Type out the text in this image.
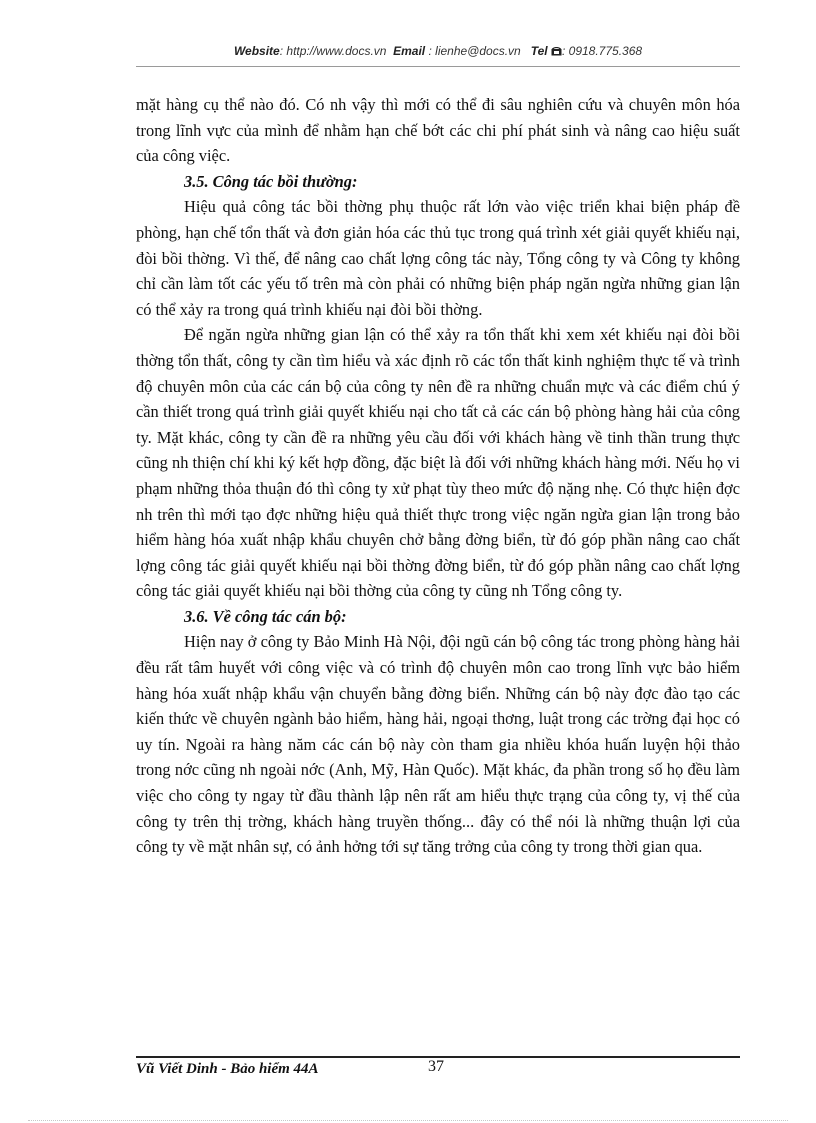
Website: http://www.docs.vn Email : lienhe@docs.vn Tel : 0918.775.368

mặt hàng cụ thể nào đó. Có nh vậy thì mới có thể đi sâu nghiên cứu và chuyên môn hóa trong lĩnh vực của mình để nhằm hạn chế bớt các chi phí phát sinh và nâng cao hiệu suất của công việc.

3.5. Công tác bồi thường:

Hiệu quả công tác bồi thờng phụ thuộc rất lớn vào việc triển khai biện pháp đề phòng, hạn chế tổn thất và đơn giản hóa các thủ tục trong quá trình xét giải quyết khiếu nại, đòi bồi thờng. Vì thế, để nâng cao chất lợng công tác này, Tổng công ty và Công ty không chỉ cần làm tốt các yếu tố trên mà còn phải có những biện pháp ngăn ngừa những gian lận có thể xảy ra trong quá trình khiếu nại đòi bồi thờng.

Để ngăn ngừa những gian lận có thể xảy ra tổn thất khi xem xét khiếu nại đòi bồi thờng tổn thất, công ty cần tìm hiểu và xác định rõ các tổn thất kinh nghiệm thực tế và trình độ chuyên môn của các cán bộ của công ty nên đề ra những chuẩn mực và các điểm chú ý cần thiết trong quá trình giải quyết khiếu nại cho tất cả các cán bộ phòng hàng hải của công ty. Mặt khác, công ty cần đề ra những yêu cầu đối với khách hàng về tinh thần trung thực cũng nh thiện chí khi ký kết hợp đồng, đặc biệt là đối với những khách hàng mới. Nếu họ vi phạm những thỏa thuận đó thì công ty xử phạt tùy theo mức độ nặng nhẹ. Có thực hiện đợc nh trên thì mới tạo đợc những hiệu quả thiết thực trong việc ngăn ngừa gian lận trong bảo hiểm hàng hóa xuất nhập khẩu chuyên chở bằng đờng biển, từ đó góp phần nâng cao chất lợng công tác giải quyết khiếu nại bồi thờng đờng biển, từ đó góp phần nâng cao chất lợng công tác giải quyết khiếu nại bồi thờng của công ty cũng nh Tổng công ty.

3.6. Về công tác cán bộ:

Hiện nay ở công ty Bảo Minh Hà Nội, đội ngũ cán bộ công tác trong phòng hàng hải đều rất tâm huyết với công việc và có trình độ chuyên môn cao trong lĩnh vực bảo hiểm hàng hóa xuất nhập khẩu vận chuyển bằng đờng biển. Những cán bộ này đợc đào tạo các kiến thức về chuyên ngành bảo hiểm, hàng hải, ngoại thơng, luật trong các trờng đại học có uy tín. Ngoài ra hàng năm các cán bộ này còn tham gia nhiều khóa huấn luyện hội thảo trong nớc cũng nh ngoài nớc (Anh, Mỹ, Hàn Quốc). Mặt khác, đa phần trong số họ đều làm việc cho công ty ngay từ đầu thành lập nên rất am hiểu thực trạng của công ty, vị thế của công ty trên thị trờng, khách hàng truyền thống... đây có thể nói là những thuận lợi của công ty về mặt nhân sự, có ảnh hởng tới sự tăng trởng của công ty trong thời gian qua.

Vũ Viết Dinh - Bảo hiểm 44A	37
